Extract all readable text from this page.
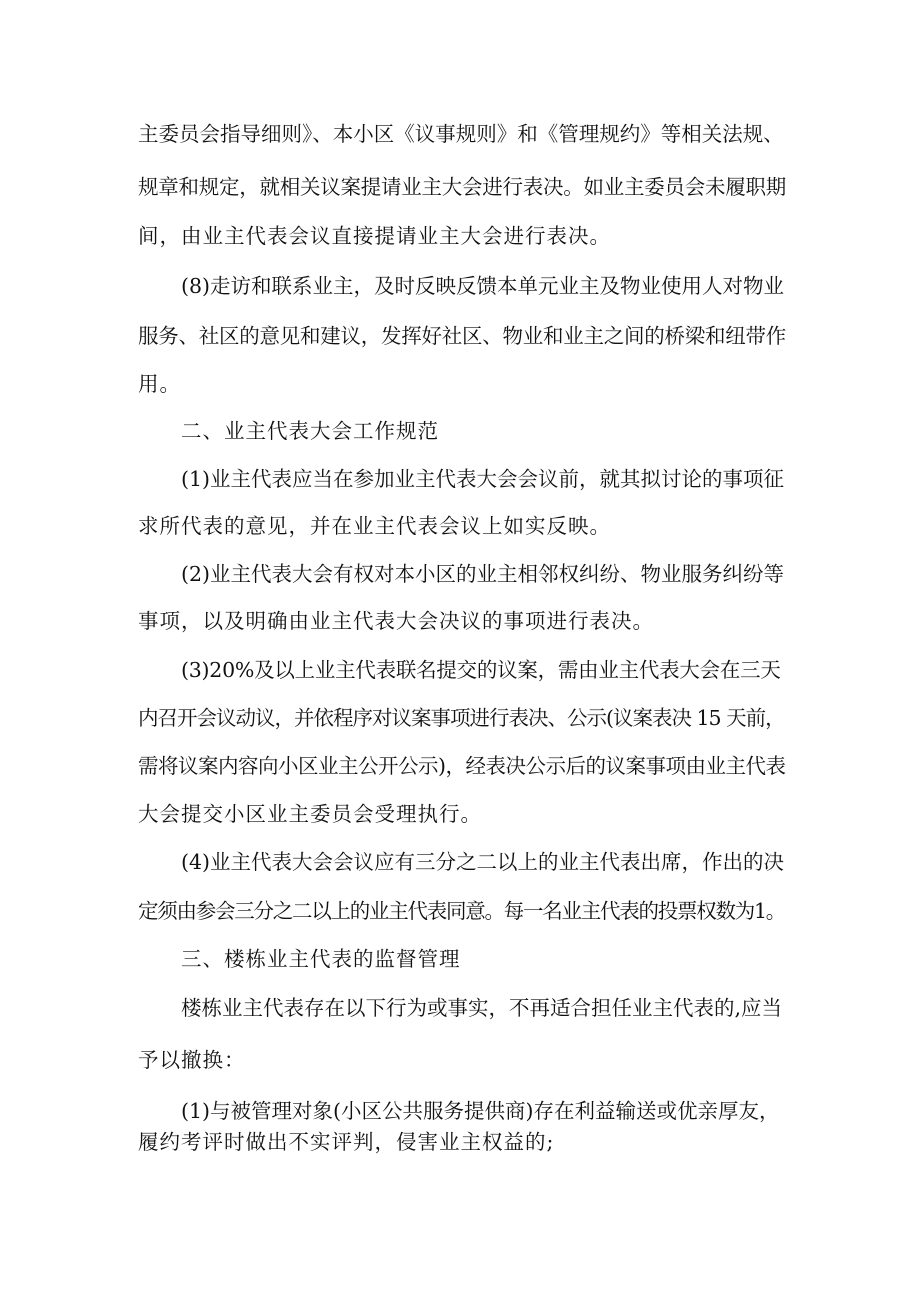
主委员会指导细则》、本小区《议事规则》和《管理规约》等相关法规、
规章和规定，就相关议案提请业主大会进行表决。如业主委员会未履职期
间，由业主代表会议直接提请业主大会进行表决。
(8)走访和联系业主，及时反映反馈本单元业主及物业使用人对物业
服务、社区的意见和建议，发挥好社区、物业和业主之间的桥梁和纽带作
用。
二、业主代表大会工作规范
(1)业主代表应当在参加业主代表大会会议前，就其拟讨论的事项征
求所代表的意见，并在业主代表会议上如实反映。
(2)业主代表大会有权对本小区的业主相邻权纠纷、物业服务纠纷等
事项，以及明确由业主代表大会决议的事项进行表决。
(3)20%及以上业主代表联名提交的议案，需由业主代表大会在三天
内召开会议动议，并依程序对议案事项进行表决、公示(议案表决 15 天前，
需将议案内容向小区业主公开公示)，经表决公示后的议案事项由业主代表
大会提交小区业主委员会受理执行。
(4)业主代表大会会议应有三分之二以上的业主代表出席，作出的决
定须由参会三分之二以上的业主代表同意。每一名业主代表的投票权数为1。
三、楼栋业主代表的监督管理
楼栋业主代表存在以下行为或事实，不再适合担任业主代表的,应当
予以撤换：
(1)与被管理对象(小区公共服务提供商)存在利益输送或优亲厚友，
履约考评时做出不实评判，侵害业主权益的;
